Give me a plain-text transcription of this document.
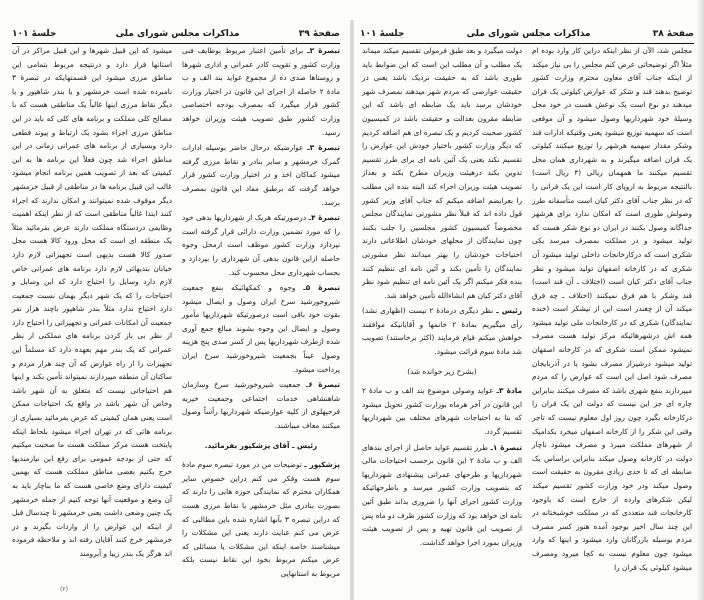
صفحهٔ ۳۹
مذاکرات مجلس شورای ملی
جلسهٔ ۱۰۱

تبصرهٔ ۲ـ برای تأمین اعتبار مربوط بوظایف فنی وزارت کشور و تقویت کادر عمرانی و اداری شهرها و روستاها صدی ده از مجموع عواید بند الف و ب مادهٔ ۲ حاصله از اجرای این قانون در اختیار وزارت کشور قرار میگیرد که بمصرف بودجه اختصاصی وزارت کشور طبق تصویب هیئت وزیران خواهد رسید.

تبصرهٔ ۳ـ عوارضیکه درحال حاضر بوسیله ادارات گمرک خرمشهر و سایر بنادر و نقاط مرزی گرفته میشود کماکان اخذ و در اختیار وزارت کشور قرار خواهد گرفت که برطبق مفاد این قانون بمصرف برسد.

تبصرهٔ ۴ـ درصورتیکه هریک از شهرداریها بدهی خود را که مورد تضمین وزارت دارائی قرار گرفته است نپردازد وزارت کشور موظف است ازمحل وجوه حاصله ازاین قانون بدهی آن شهرداری را بپردازد و بحساب شهرداری محل محسوب کند.

تبصرهٔ ۵ـ وجوه و کمکهائیکه بنفع جمعیت شیروخورشید سرخ ایران وصول و ایصال میشود بقوت خود باقی است درصورتیکه شهرداریها مأمور وصول و ایصال این وجوه بشوند مبالغ جمع آوری شده ازطرف شهرداریها پس از کسر صدی پنج هزینه وصول عیناً بجمعیت شیروخورشید سرخ ایران پرداخت میشود.

تبصرهٔ ۶ـ جمعیت شیروخورشید سرخ وسازمان شاهنشاهی خدمات اجتماعی وجمعیت خیریه فرحپهلوی از کلیه عوارضیکه شهرداریها رأساً وصول میکنند معاف میباشند.

رئیس ـ آقای پزشکپور بفرمائید.

پزشکپور ـ توضیحات من در مورد تبصره سوم مادهٔ سوم هست وفکر می کنم دراین خصوص سایر همکاران محترم که نمایندگی حوزه هایی را دارند که بصورت بنادری مثل خرمشهر یا نقاط مرزی هست که دراین تبصره ۳ بآنها اشاره شده باین مطالبی که عرض می کنم عنایت دارند یعنی این مشکلات را میشناسند خاصه اینکه این مشکلات یا مسائلی که عرض میکنم مربوط بخود این نقاط نیست بلکه مربوط به استانهایی

میشود که این قبیل شهرها و این قبیل مراکز در آن استانها قرار دارد و درنتیجه مربوط بتمامی این مناطق مرزی میشود این قسمتهایکه در تبصرهٔ ۳ نامبرده شده است خرمشهر و یا بندر شاهپور و یا دیگر نقاط مرزی اینها غالباً یک مناطقی هست که با مصالح کلی مملکت و برنامه های کلی که باید در این مناطق مرزی اجراء بشود یک ارتباط و پیوند قطعی دارد وبسیاری از برنامه های عمرانی زمانی در این مناطق اجراء شد چون فعلاً این برنامه ها به این کیفیتی که بعد از تصویب همین برنامه انجام میشود غالب این قبیل برنامه ها در مناطقی از قبیل خرمشهر دیگر موقوف شده نمیتوانند و امکان ندارند که اجراء کنند ابتدا غالباً مناطقی است که از نظر اینکه اهمیت وظایفی دردستگاه مملکت دارند عرض بفرمائید مثلاً یک منطقه ای است که محل ورود کالا هست محل صدور کالا هست بدیهی است تجهیزاتی لازم دارد خیابان بندیهائی لازم دارد برنامه های عمرانی خاص لازم دارد وسایل را احتیاج دارد که این وسایل و احتیاجات را که یک شهر دیگر بهمان نسبت جمعیت دارد احتیاج ندارد مثلاً بندر شاهپور باچند هزار نفر جمعیت آن امکانات عمرانی و تجهیزاتی را احتیاج دارد از نظر بی باز کردن برنامه های مملکتی از نظر عمرانی که یک بندر مهم بعهده دارد که مسلماً این تجهیزات را از راه عوارض که آن چند هزار مردم و ساکنان آن منطقه میپردازند نمیتواند تأمین بکند و اینها هم احتیاجاتی نیست که متعلق به آن شهر باشد وخاص آن شهر باشد در واقع یک احتیاجات ممکن است یعنی همان کیفیتی که عرض بفرمائید بسیاری از برنامه هائی که در تهران اجراء میشود بلحاظ اینکه پایتخت هست مرکز مملکت هست ما صحبت میکنیم که حتی از بودجه عمومی برای رفع این نیازمندیها خرج بکنیم بعضی مناطق مملکت هست که بهمین کیفیت دارای وضع خاصی هست که ما بناچار باید به آن وضع و موقعیت آنها توجه کنیم از جمله خرمشهر یک چنین وضعی داشت یعنی خرمشهر تا چندسال قبل از اینکه این عوارض را از واردات بگیرند و در خرمشهر خرج کنند آقایان رفته اند و ملاحظه فرموده اند هرگز یک بندر زیبا و آبرومند

(۲)
صفحهٔ ۳۸
مذاکرات مجلس شورای ملی
جلسهٔ ۱۰۱

مجلس شد، الآن از نظر اینکه دراین کار وارد بوده ام مثلاً اگر توضیحاتی عرض کنم مجلس را بی نیاز میکند از اینکه جناب آقای معاون محترم وزارت کشور توضیح بدهند قند و شکر که عوارض کیلوئی یک قران میدهند دو نوع است یک نوعش هست در خود محل وسیلهٔ خود شهرداریها وصول میشود و آن موقعی است که سهمیه توزیع میشود یعنی وقتیکه ادارات قند وشکر مقدار سهمیه هرشهر را توزیع میکنند کیلوئی یک قران اضافه میگیرند و به شهرداری همان محل تقسیم میکنند ما همهمان ریالی (۴ ریال است) بالنتیجه مربوط به اروپای کار است این یک قرانی را که در نظر جناب آقای دکتر کیان است متأسفانه طرز وصولش طوری است که امکان ندارد برای هرشهر جداگانه وصول بکنند در ایران دو نوع شکر هست که تولید میشود و در مملکت بمصرف میرسد یکی شکری است که درکارخانجات داخلی تولید میشود آن شکری که در کارخانه اصفهان تولید میشود و نظر جناب آقای دکتر کیان است (اختلاف ـ آن قند است) قند وشکر با هم فرق نمیکنند (اختلاف ـ چه فرق میکند آن از چغندر است این از نیشکر است (خنده نمایندگان) شکری که در کارخانجات ملی تولید میشود همه اش درشهرهائیکه مرکز تولید هست مصرف نمیشود ممکن است شکری که در کارخانه اصفهان تولید میشود درشیراز مصرف بشود یا در آذربایجان مصرف شود اصل این است که عوارض را که مردم میپردازند بنفع شهری باشد که مصرف میکنند بنابراین چاره ای جز این نیست که دولت این یک قران را درکارخانه بگیرد چون روز اول معلوم نیست که تاجر وقتی این شکر را از کارخانه اصفهان میخرد بکدامیک از شهرهای مملکت میبرد و مصرف میشود ناچار دولت در کارخانه وصول میکند بنابراین براساس یک ضابطه ای که تا حدی زیادی مقرون به حقیقت است وصول میکند ودر خود وزارت کشور تقسیم میکند لیکن شکرهای وارده از خارج است که باوجود کارخانجات قند متعددی که در مملکت خوشبختانه در این چند سال اخیر بوجود آمده هنوز کسر مصرف مردم بوسیله بازرگانان وارد میشود و اینها که وارد میشود چون معلوم نیست به کجا میرود ومصرف میشود کیلوئی یک قران را

دولت میگیرد و بعد طبق فرمولی تقسیم میکند میماند یک مطلب و آن مطلب این است که این ضوابط باید طوری باشد که به حقیقت نزدیک باشد یعنی در حقیقت عوارضی که مردم شهر میدهند بمصرف شهر خودشان برسد باید یک ضابطه ای باشد که این ضابطه مقرون بعدالت و حقیقت باشد در کمیسیون کشور صحبت کردیم و یک تبصره ای هم اضافه کردیم که دیگر وزارت کشور باختیار خودش این عوارض را تقسیم نکند یعنی یک آئین نامه ای برای طرز تقسیم تدوین بکند درهیئت وزیران مطرح بکند و بعداز تصویب هیئت وزیران اجراء کند البته بنده این مطلب را بعرایضم اضافه میکنم که جناب آقای وزیر کشور قول داده اند که قبلاً نظر مشورتی نمایندگان مجلس مخصوصاً کمیسیون کشور مجلسین را جلب بکنند چون نمایندگان از محلهای خودشان اطلاعاتی دارند احتیاجات خودشان را بهتر میدانند نظر مشورتی نمایندگان را تأمین بکند و آئین نامه ای تنظیم کنند بنده فکر میکنم اگر یک آئین نامه ای تنظیم شود نظر آقای دکتر کیان هم انشاءالله تأمین خواهد شد.

رئیس ـ نظر دیگری درمادهٔ ۲ نیست (اظهاری نشد) رأی میگیریم بمادهٔ ۲ خانمها و آقایانیکه موافقند خواهش میکنم قیام فرمایند (اکثر برخاستند) تصویب شد مادهٔ سوم قرائت میشود.

(بشرح زیر خوانده شد)

مادهٔ ۳ـ عواید وصولی موضوع بند الف و ب مادهٔ ۲ این قانون در آخر هرماه بوزارت کشور تحویل میشود که بنا به احتیاجات شهرهای مختلف بین شهرداریها تقسیم گردد.

تبصرهٔ ۱ـ طرز تقسیم عواید حاصل از اجرای بندهای الف و ب مادهٔ ۲ این قانون برحسب احتیاجات مالی شهرداریها و طرحهای عمرانی پیشنهادی شهرداریها که بتصویب وزارت کشور میرسد و باطرحهائیکه وزارت کشور اجرای آنها را ضروری بداند طبق آئین نامه ای خواهد بود که وزارت کشور ظرف دو ماه پس از تصویب این قانون تهیه و پس از تصویب هیئت وزیران بمورد اجرا خواهد گذاشت.
